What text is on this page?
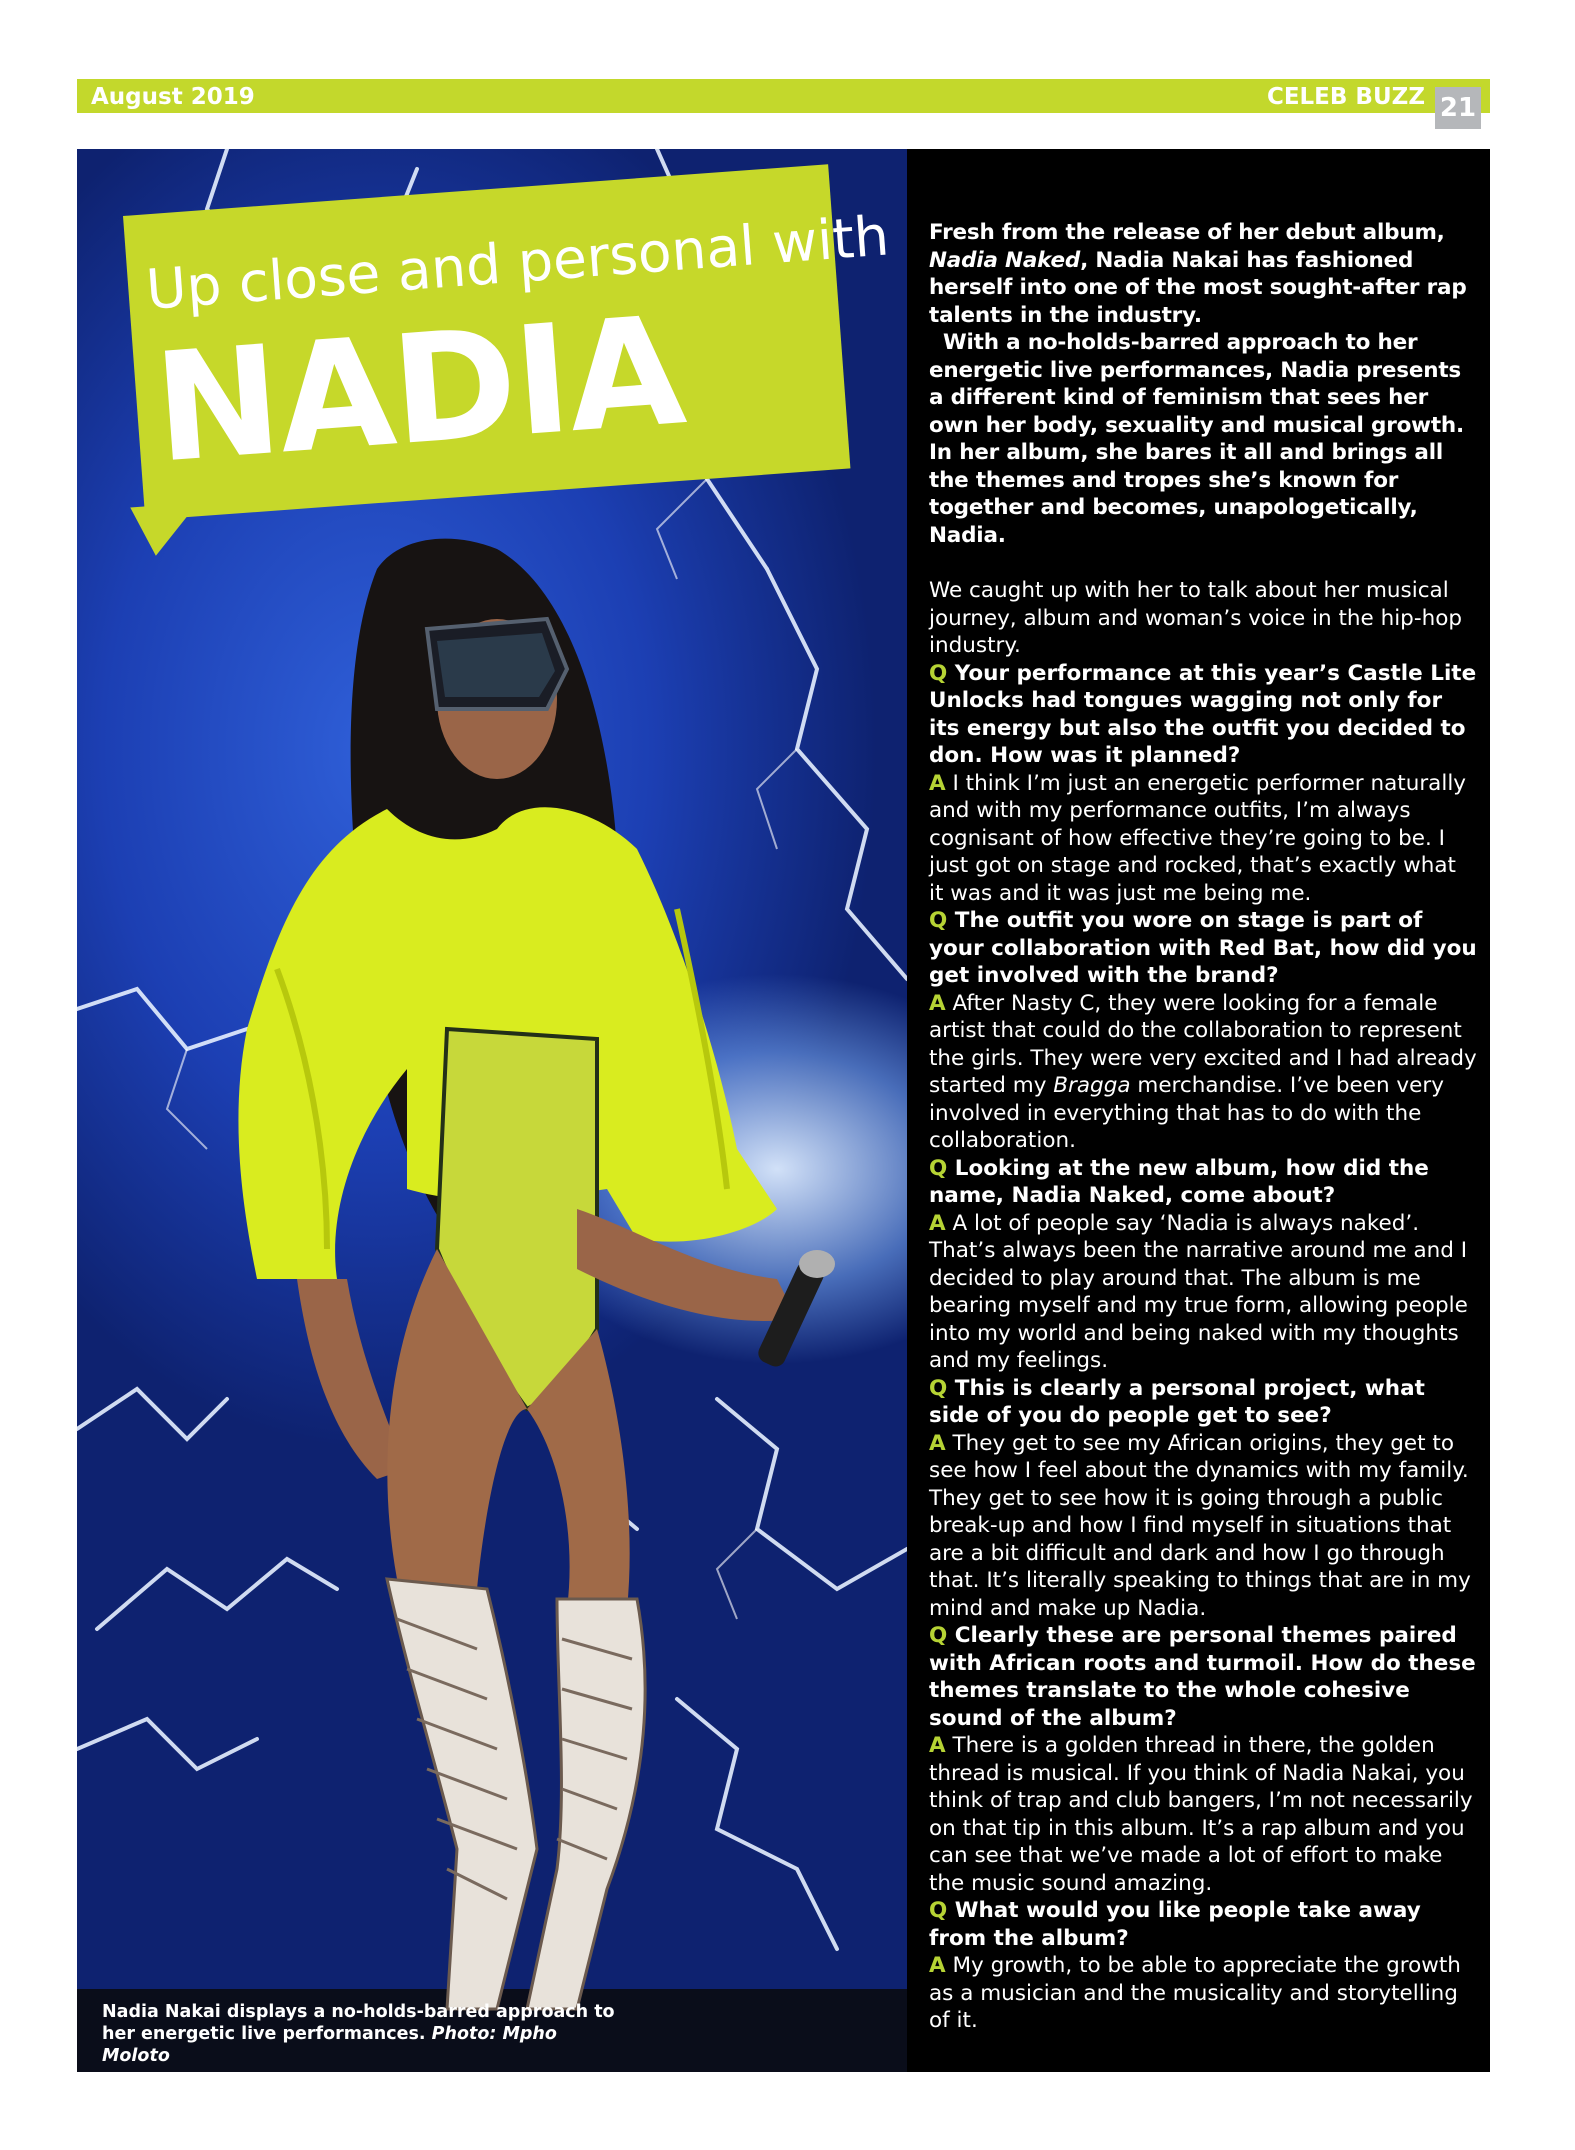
August 2019	CELEB BUZZ 21
Up close and personal with
NADIA
Nadia Nakai displays a no-holds-barred approach to her energetic live performances. Photo: Mpho Moloto

Fresh from the release of her debut album, Nadia Naked, Nadia Nakai has fashioned herself into one of the most sought-after rap talents in the industry.

With a no-holds-barred approach to her energetic live performances, Nadia presents a different kind of feminism that sees her own her body, sexuality and musical growth. In her album, she bares it all and brings all the themes and tropes she’s known for together and becomes, unapologetically, Nadia.

We caught up with her to talk about her musical journey, album and woman’s voice in the hip-hop industry.

Q Your performance at this year’s Castle Lite Unlocks had tongues wagging not only for its energy but also the outfit you decided to don. How was it planned?

A I think I’m just an energetic performer naturally and with my performance outfits, I’m always cognisant of how effective they’re going to be. I just got on stage and rocked, that’s exactly what it was and it was just me being me.

Q The outfit you wore on stage is part of your collaboration with Red Bat, how did you get involved with the brand?

A After Nasty C, they were looking for a female artist that could do the collaboration to represent the girls. They were very excited and I had already started my Bragga merchandise. I’ve been very involved in everything that has to do with the collaboration.

Q Looking at the new album, how did the name, Nadia Naked, come about?

A A lot of people say ‘Nadia is always naked’. That’s always been the narrative around me and I decided to play around that. The album is me bearing myself and my true form, allowing people into my world and being naked with my thoughts and my feelings.

Q This is clearly a personal project, what side of you do people get to see?

A They get to see my African origins, they get to see how I feel about the dynamics with my family. They get to see how it is going through a public break-up and how I find myself in situations that are a bit difficult and dark and how I go through that. It’s literally speaking to things that are in my mind and make up Nadia.

Q Clearly these are personal themes paired with African roots and turmoil. How do these themes translate to the whole cohesive sound of the album?

A There is a golden thread in there, the golden thread is musical. If you think of Nadia Nakai, you think of trap and club bangers, I’m not necessarily on that tip in this album. It’s a rap album and you can see that we’ve made a lot of effort to make the music sound amazing.

Q What would you like people take away from the album?

A My growth, to be able to appreciate the growth as a musician and the musicality and storytelling of it.
